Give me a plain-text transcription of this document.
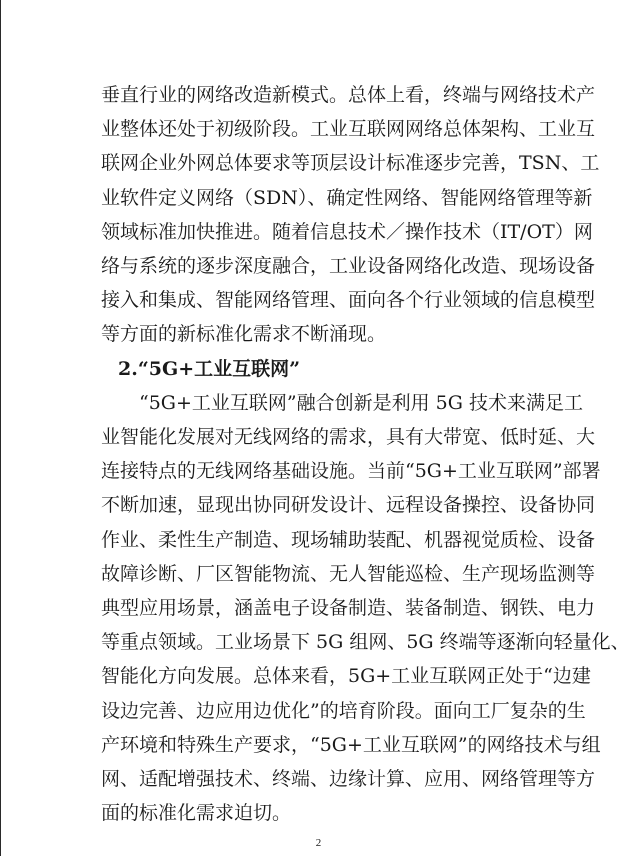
垂直行业的网络改造新模式。总体上看，终端与网络技术产
业整体还处于初级阶段。工业互联网网络总体架构、工业互
联网企业外网总体要求等顶层设计标准逐步完善，TSN、工
业软件定义网络（SDN）、确定性网络、智能网络管理等新
领域标准加快推进。随着信息技术／操作技术（IT/OT）网
络与系统的逐步深度融合，工业设备网络化改造、现场设备
接入和集成、智能网络管理、面向各个行业领域的信息模型
等方面的新标准化需求不断涌现。
2.“5G+工业互联网”
“5G+工业互联网”融合创新是利用 5G 技术来满足工
业智能化发展对无线网络的需求，具有大带宽、低时延、大
连接特点的无线网络基础设施。当前“5G+工业互联网”部署
不断加速，显现出协同研发设计、远程设备操控、设备协同
作业、柔性生产制造、现场辅助装配、机器视觉质检、设备
故障诊断、厂区智能物流、无人智能巡检、生产现场监测等
典型应用场景，涵盖电子设备制造、装备制造、钢铁、电力
等重点领域。工业场景下 5G 组网、5G 终端等逐渐向轻量化、
智能化方向发展。总体来看，5G+工业互联网正处于“边建
设边完善、边应用边优化”的培育阶段。面向工厂复杂的生
产环境和特殊生产要求，“5G+工业互联网”的网络技术与组
网、适配增强技术、终端、边缘计算、应用、网络管理等方
面的标准化需求迫切。
2
